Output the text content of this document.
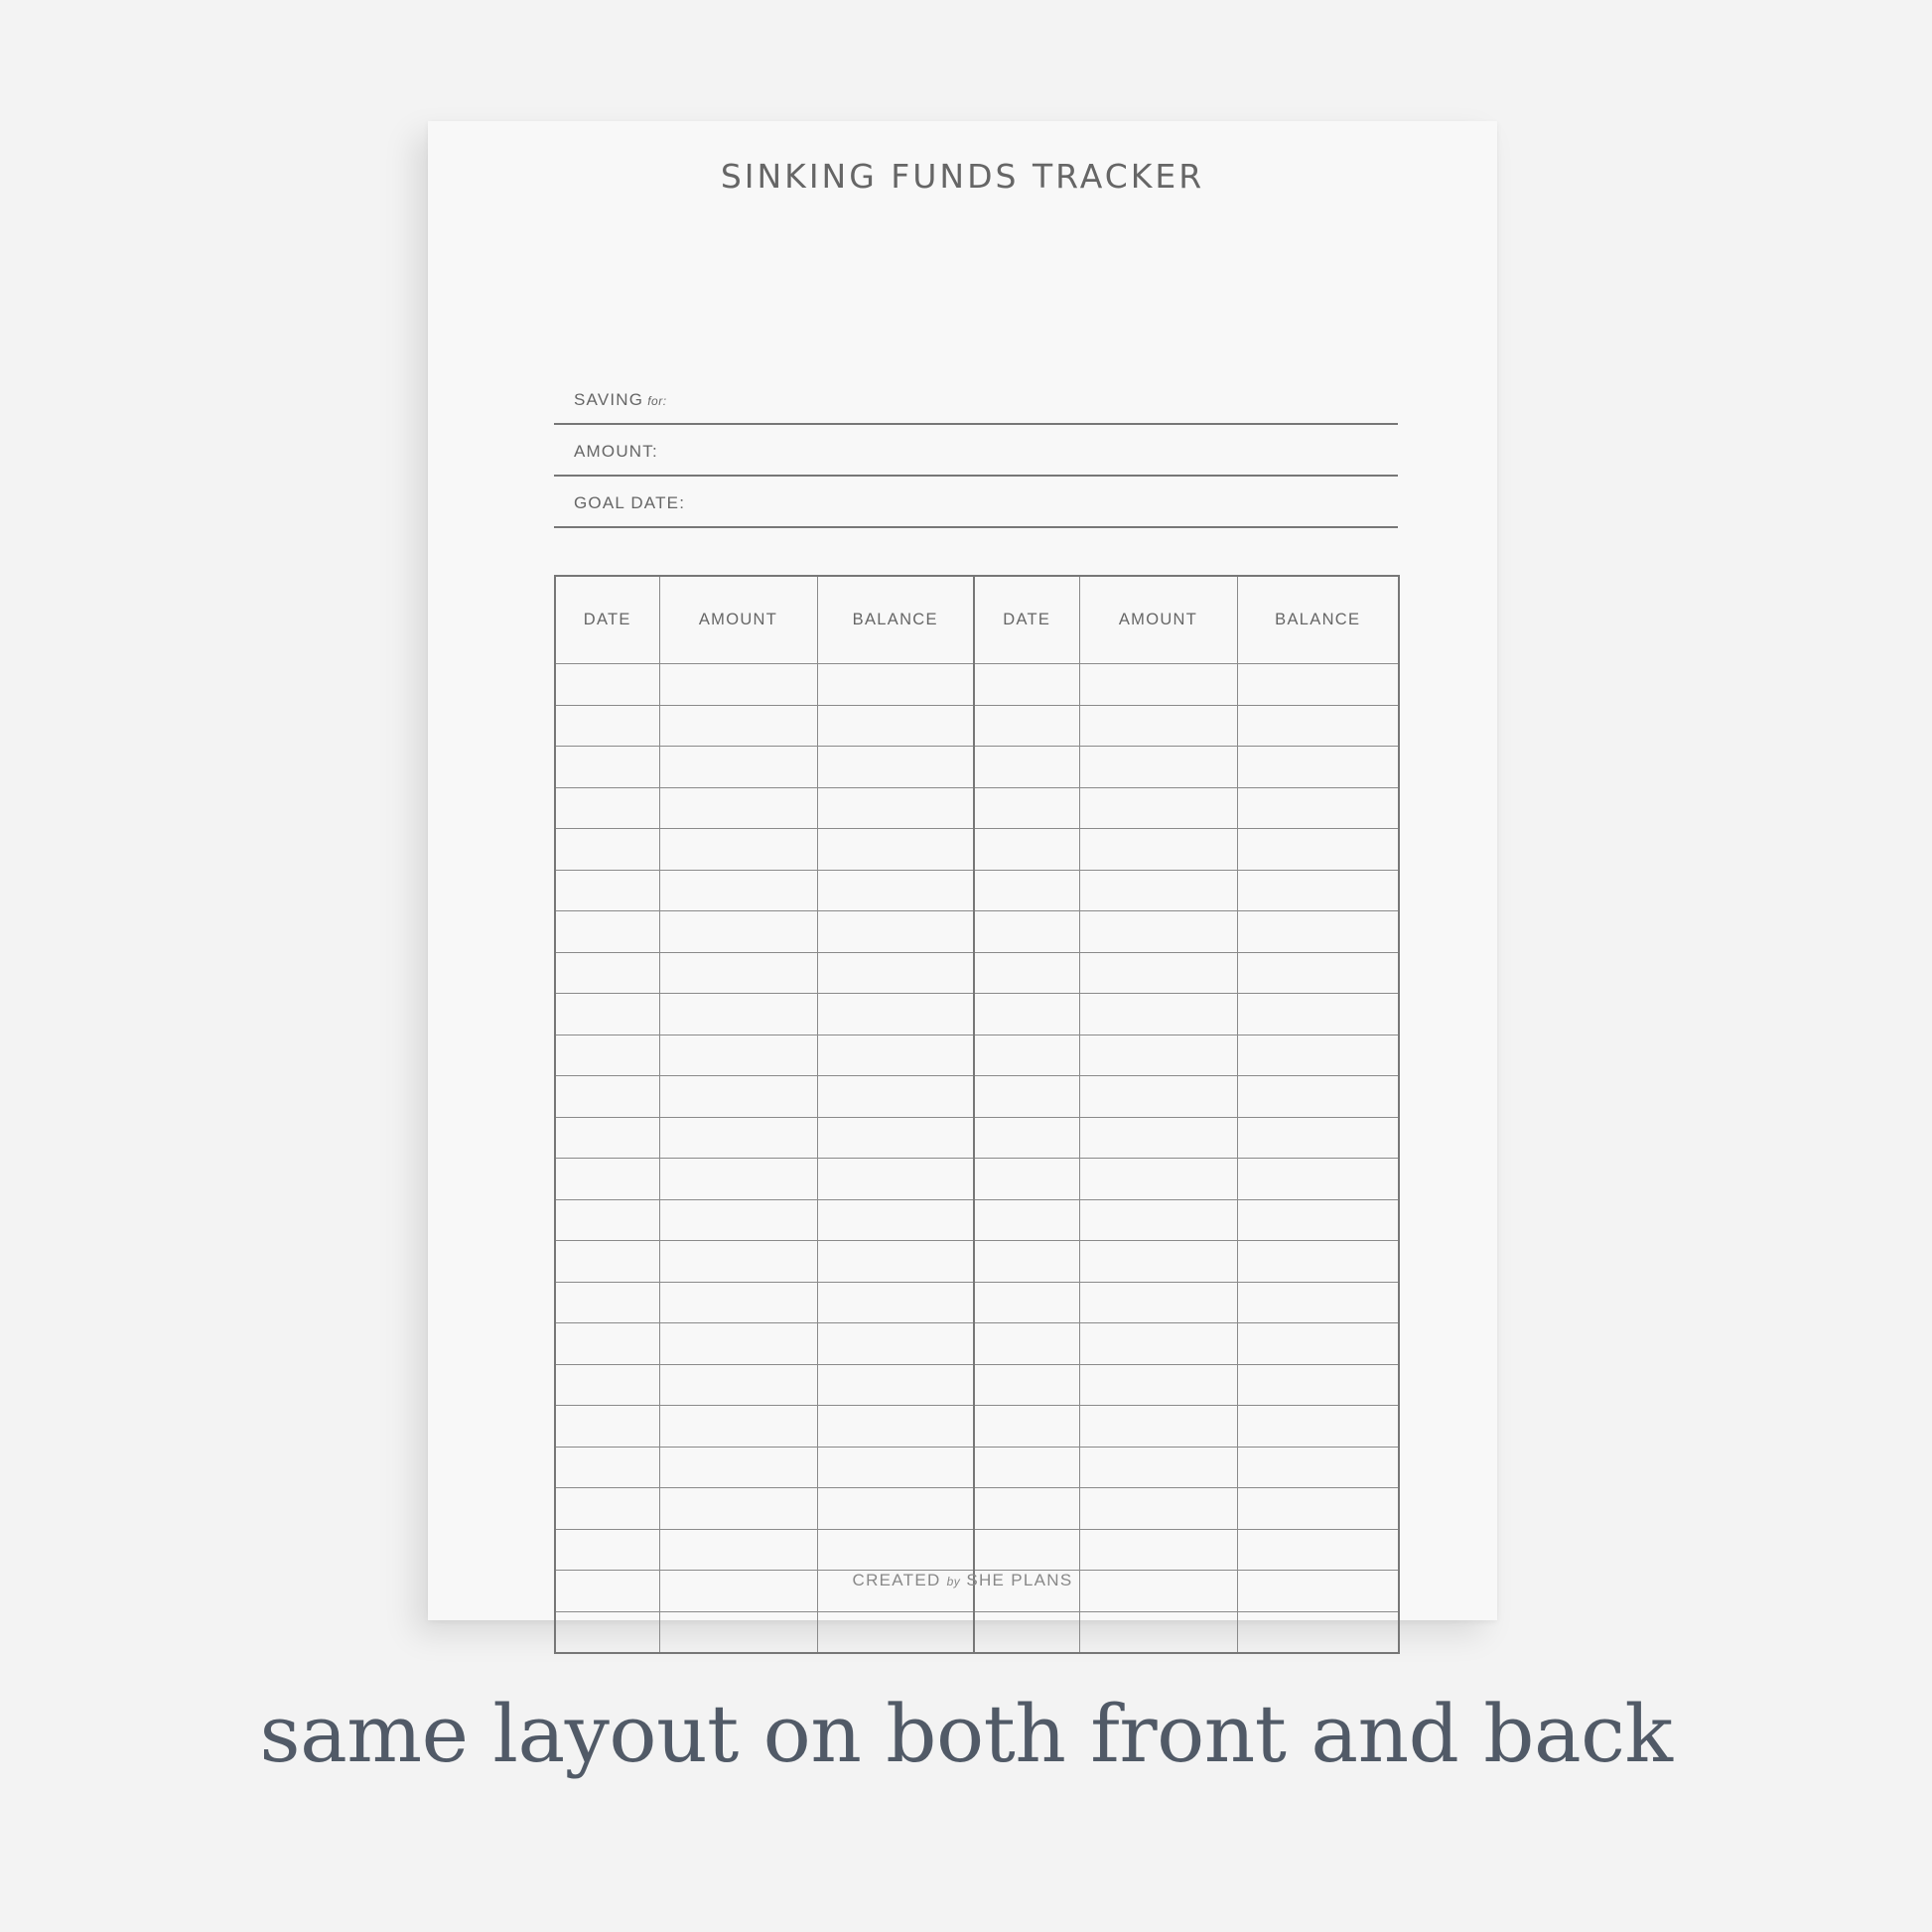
SINKING FUNDS TRACKER
SAVING for:
AMOUNT:
GOAL DATE:
DATE	AMOUNT	BALANCE	DATE	AMOUNT	BALANCE

CREATED by SHE PLANS
same layout on both front and back
